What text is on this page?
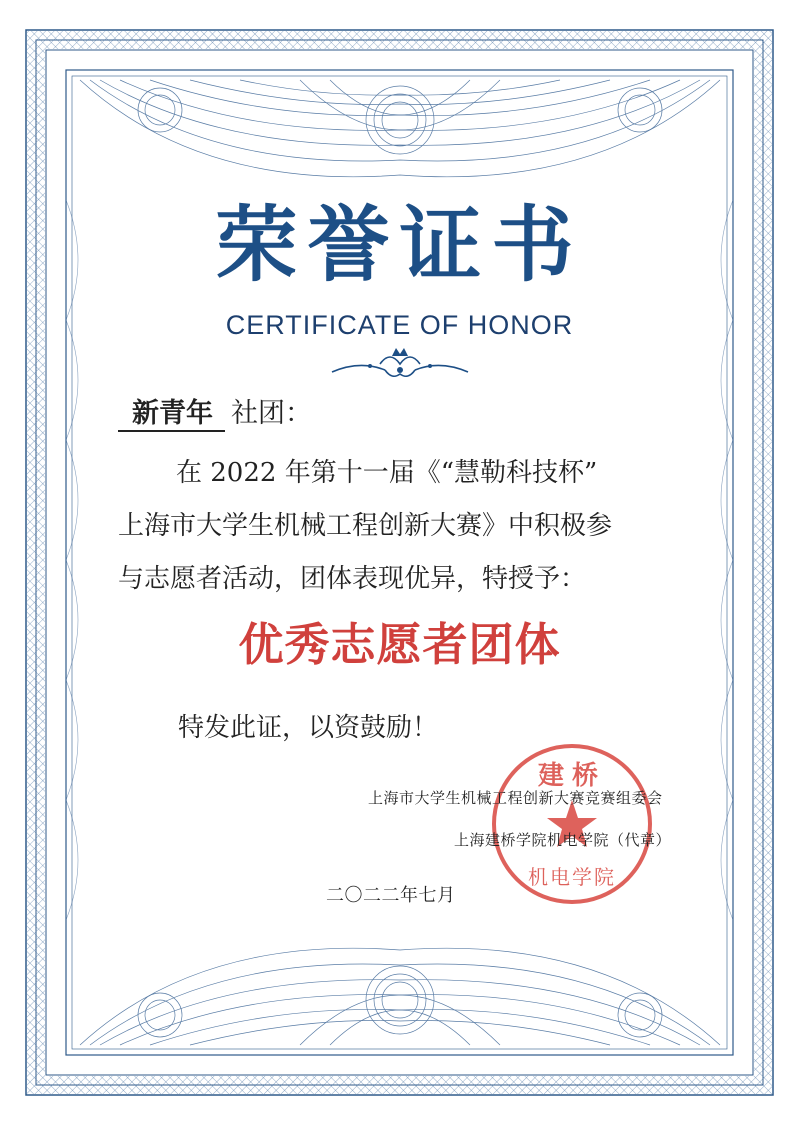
荣誉证书
CERTIFICATE OF HONOR
新青年 社团：
在 2022 年第十一届《“慧勒科技杯”
上海市大学生机械工程创新大赛》中积极参
与志愿者活动，团体表现优异，特授予：
优秀志愿者团体
特发此证，以资鼓励！
建桥
机电学院
上海市大学生机械工程创新大赛竞赛组委会
上海建桥学院机电学院（代章）
二〇二二年七月
